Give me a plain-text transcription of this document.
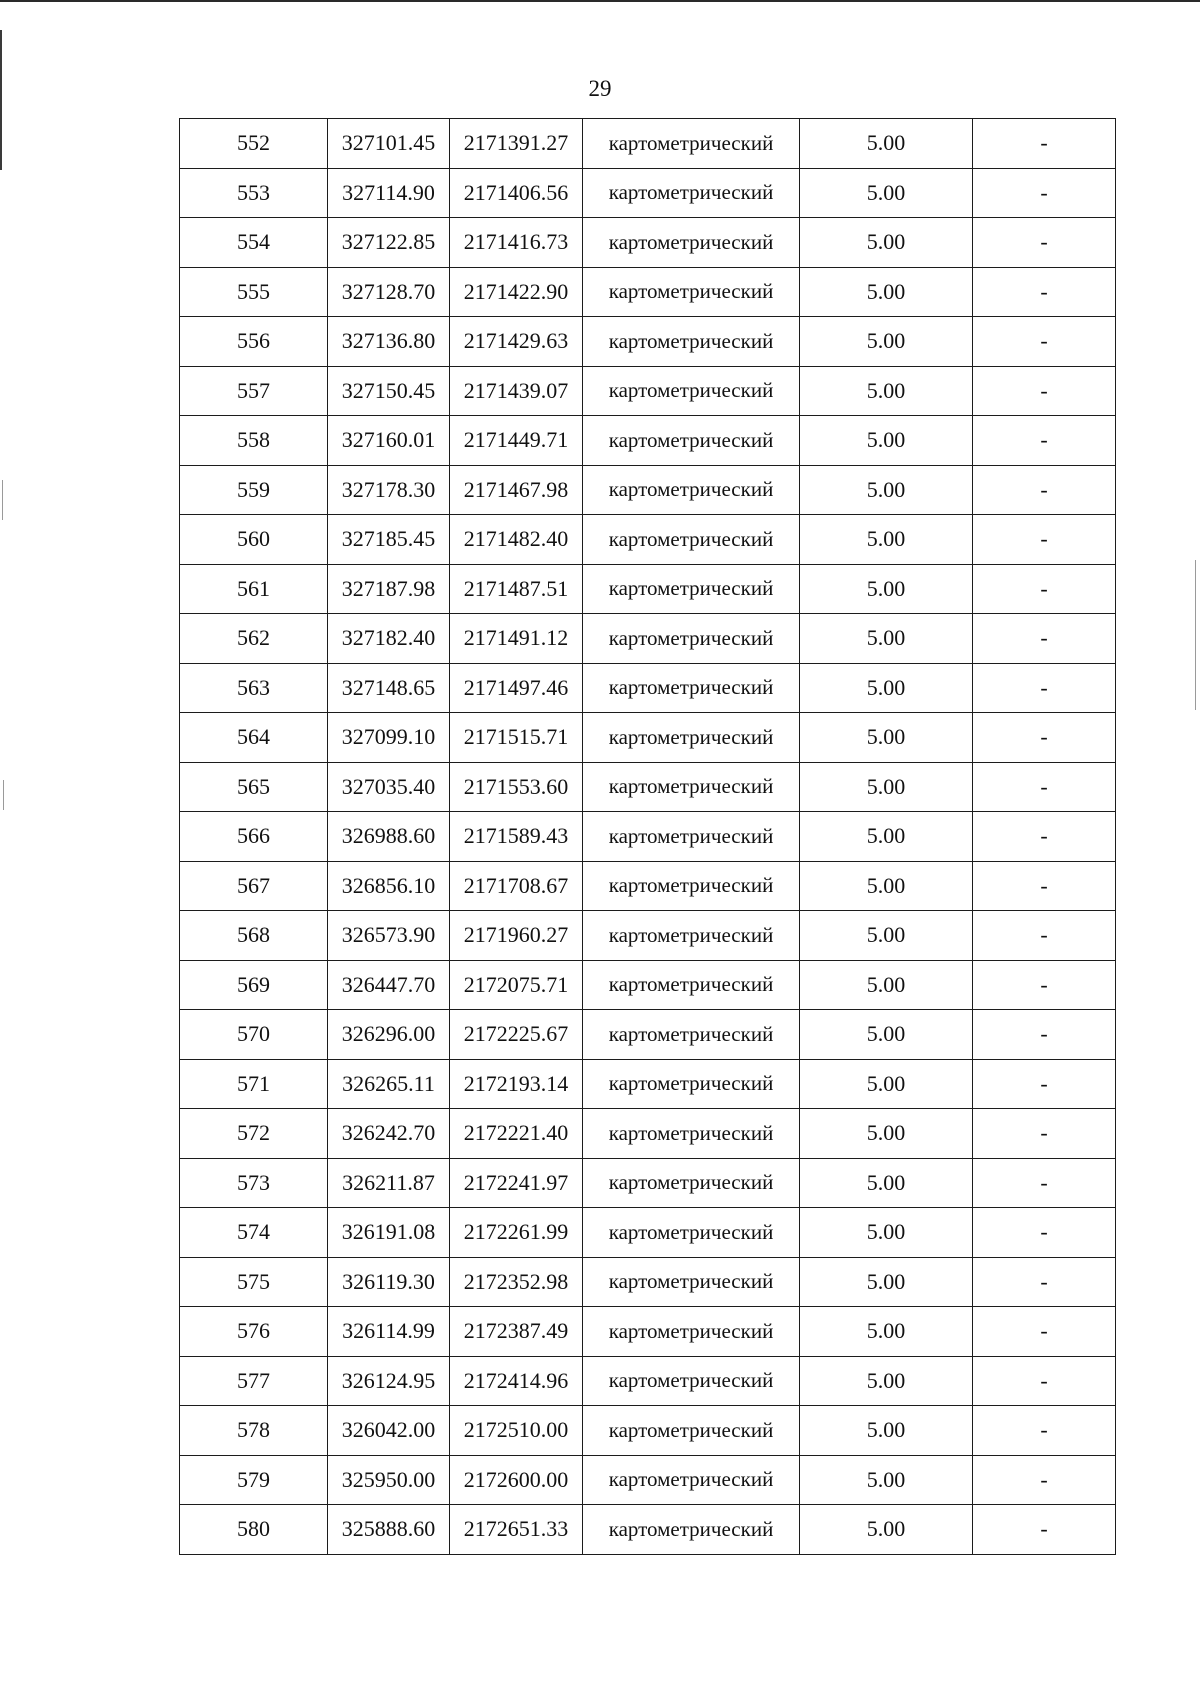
29
552	327101.45	2171391.27	картометрический	5.00	-
553	327114.90	2171406.56	картометрический	5.00	-
554	327122.85	2171416.73	картометрический	5.00	-
555	327128.70	2171422.90	картометрический	5.00	-
556	327136.80	2171429.63	картометрический	5.00	-
557	327150.45	2171439.07	картометрический	5.00	-
558	327160.01	2171449.71	картометрический	5.00	-
559	327178.30	2171467.98	картометрический	5.00	-
560	327185.45	2171482.40	картометрический	5.00	-
561	327187.98	2171487.51	картометрический	5.00	-
562	327182.40	2171491.12	картометрический	5.00	-
563	327148.65	2171497.46	картометрический	5.00	-
564	327099.10	2171515.71	картометрический	5.00	-
565	327035.40	2171553.60	картометрический	5.00	-
566	326988.60	2171589.43	картометрический	5.00	-
567	326856.10	2171708.67	картометрический	5.00	-
568	326573.90	2171960.27	картометрический	5.00	-
569	326447.70	2172075.71	картометрический	5.00	-
570	326296.00	2172225.67	картометрический	5.00	-
571	326265.11	2172193.14	картометрический	5.00	-
572	326242.70	2172221.40	картометрический	5.00	-
573	326211.87	2172241.97	картометрический	5.00	-
574	326191.08	2172261.99	картометрический	5.00	-
575	326119.30	2172352.98	картометрический	5.00	-
576	326114.99	2172387.49	картометрический	5.00	-
577	326124.95	2172414.96	картометрический	5.00	-
578	326042.00	2172510.00	картометрический	5.00	-
579	325950.00	2172600.00	картометрический	5.00	-
580	325888.60	2172651.33	картометрический	5.00	-
